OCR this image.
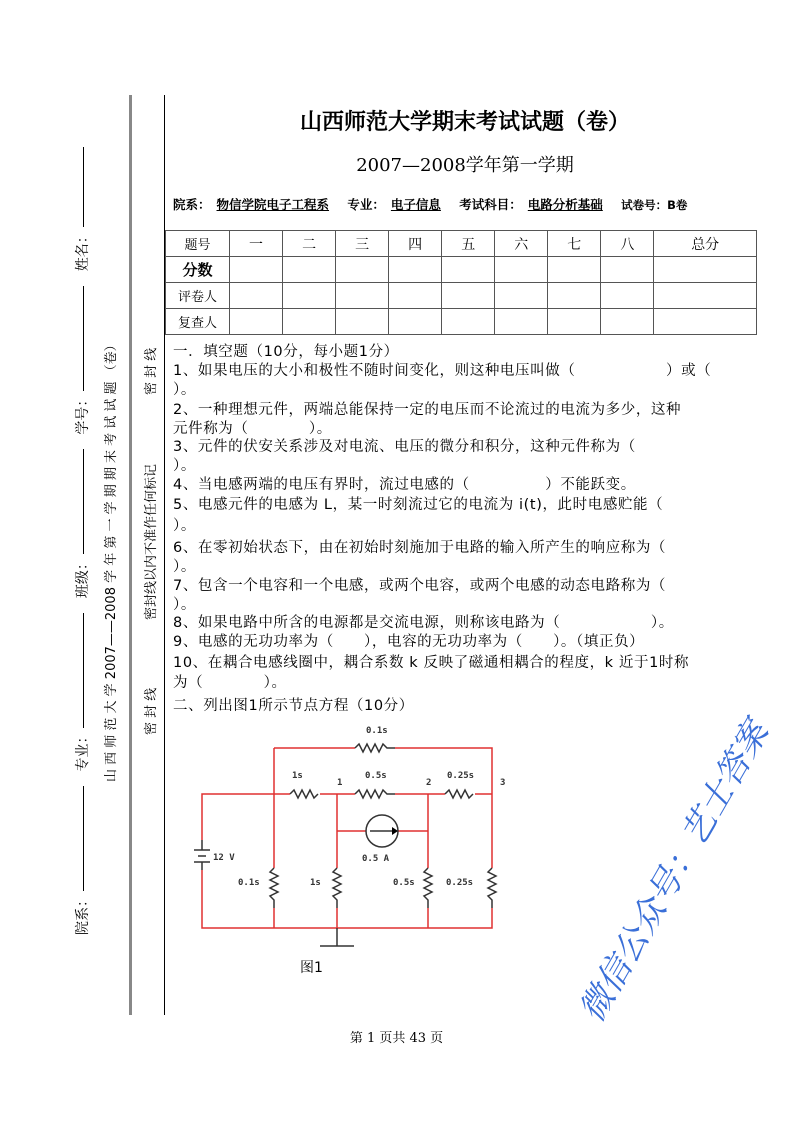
院系： 专业： 班级： 学号： 姓名：
山 西 师 范 大 学 2007——2008 学 年 第 一 学 期 期 末 考 试 试 题 （卷）	密 封 线
密封线以内不准作任何标记
密 封 线
山西师范大学期末考试试题（卷）
2007—2008学年第一学期
院系： 物信学院电子工程系 专业： 电子信息 考试科目： 电路分析基础 试卷号：B卷
题号	一	二	三	四	五	六	七	八	总分
分数									
评卷人									
复查人									
一．填空题（10分，每小题1分）
1、如果电压的大小和极性不随时间变化，则这种电压叫做（　　　　　　）或（
）。
2、一种理想元件，两端总能保持一定的电压而不论流过的电流为多少，这种
元件称为（　　　　）。
3、元件的伏安关系涉及对电流、电压的微分和积分，这种元件称为（
）。
4、当电感两端的电压有界时，流过电感的（　　　　　）不能跃变。
5、电感元件的电感为 L，某一时刻流过它的电流为 i(t)，此时电感贮能（
）。
6、在零初始状态下，由在初始时刻施加于电路的输入所产生的响应称为（
）。
7、包含一个电容和一个电感，或两个电容，或两个电感的动态电路称为（
）。
8、如果电路中所含的电源都是交流电源，则称该电路为（　　　　　　）。
9、电感的无功功率为（　　），电容的无功功率为（　　）。（填正负）
10、在耦合电感线圈中，耦合系数 k 反映了磁通相耦合的程度，k 近于1时称
为（　　　　）。
二、列出图1所示节点方程（10分）
0.1s
1s	0.5s	0.25s
1	2	3
12 V	0.5 A
0.1s	1s	0.5s	0.25s
图1	微信公众号：艺士答案
第 1 页共 43 页
